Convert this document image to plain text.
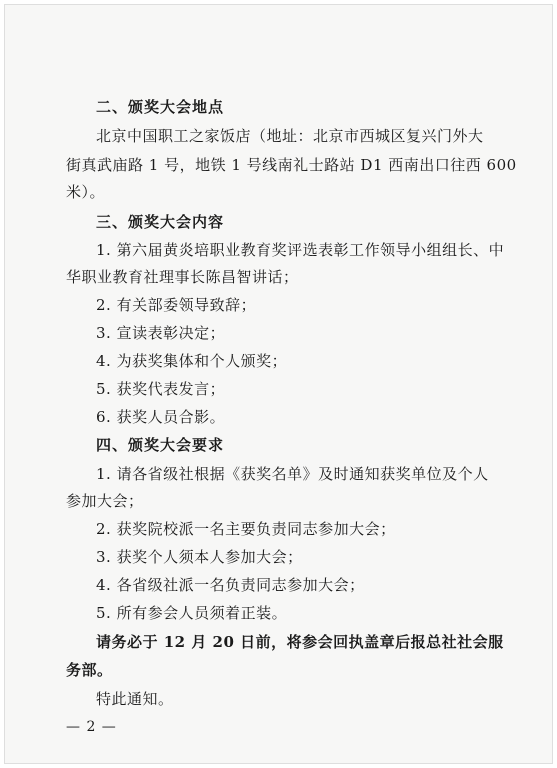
二、颁奖大会地点
北京中国职工之家饭店（地址：北京市西城区复兴门外大
街真武庙路 1 号，地铁 1 号线南礼士路站 D1 西南出口往西 600
米）。
三、颁奖大会内容
1. 第六届黄炎培职业教育奖评选表彰工作领导小组组长、中
华职业教育社理事长陈昌智讲话；
2. 有关部委领导致辞；
3. 宣读表彰决定；
4. 为获奖集体和个人颁奖；
5. 获奖代表发言；
6. 获奖人员合影。
四、颁奖大会要求
1. 请各省级社根据《获奖名单》及时通知获奖单位及个人
参加大会；
2. 获奖院校派一名主要负责同志参加大会；
3. 获奖个人须本人参加大会；
4. 各省级社派一名负责同志参加大会；
5. 所有参会人员须着正装。
请务必于 12 月 20 日前，将参会回执盖章后报总社社会服
务部。
特此通知。
— 2 —
